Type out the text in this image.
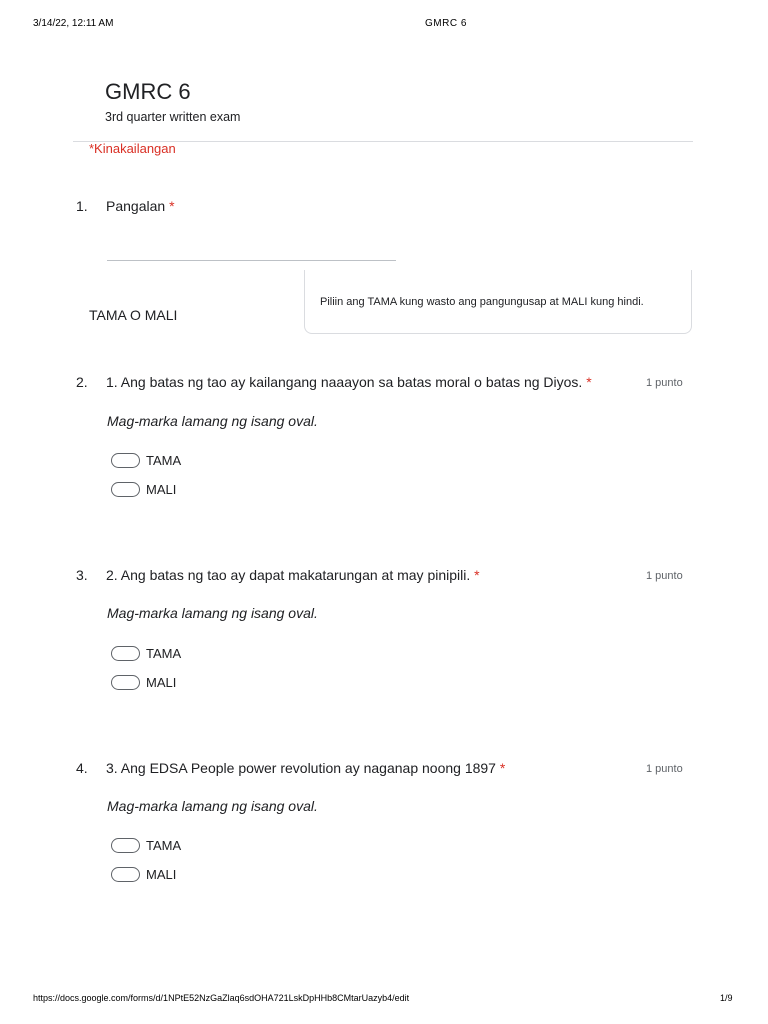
3/14/22, 12:11 AM	GMRC 6
GMRC 6
3rd quarter written exam
*Kinakailangan
1. Pangalan *
TAMA O MALI
Piliin ang TAMA kung wasto ang pangungusap at MALI kung hindi.
2. 1. Ang batas ng tao ay kailangang naaayon sa batas moral o batas ng Diyos. *	1 punto
Mag-marka lamang ng isang oval.
TAMA
MALI
3. 2. Ang batas ng tao ay dapat makatarungan at may pinipili. *	1 punto
Mag-marka lamang ng isang oval.
TAMA
MALI
4. 3. Ang EDSA People power revolution ay naganap noong 1897 *	1 punto
Mag-marka lamang ng isang oval.
TAMA
MALI
https://docs.google.com/forms/d/1NPtE52NzGaZlaq6sdOHA721LskDpHHb8CMtarUazyb4/edit	1/9
